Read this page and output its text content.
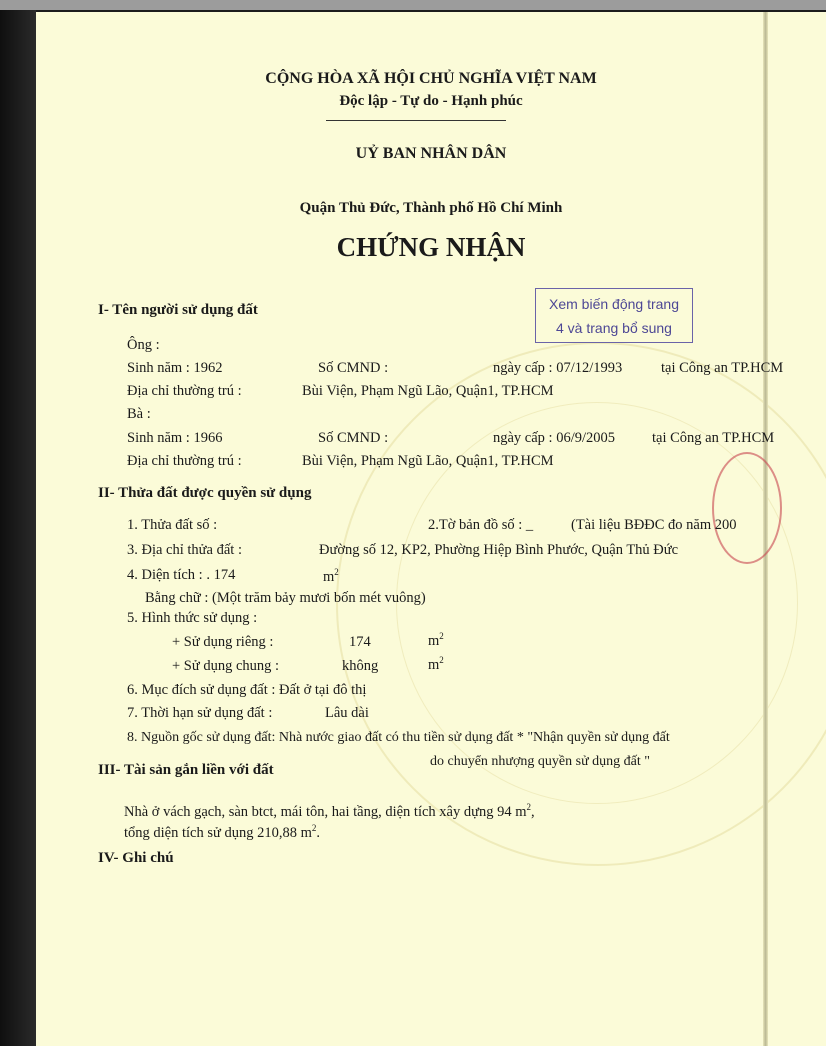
CỘNG HÒA XÃ HỘI CHỦ NGHĨA VIỆT NAM
Độc lập - Tự do - Hạnh phúc
UỶ BAN NHÂN DÂN
Quận Thủ Đức, Thành phố Hồ Chí Minh
CHỨNG NHẬN
Xem biến động trang
4 và trang bổ sung
I- Tên người sử dụng đất
Ông :
Sinh năm : 1962	Số CMND :	ngày cấp : 07/12/1993	tại Công an TP.HCM
Địa chỉ thường trú :	Bùi Viện, Phạm Ngũ Lão, Quận1, TP.HCM
Bà :
Sinh năm : 1966	Số CMND :	ngày cấp : 06/9/2005	tại Công an TP.HCM
Địa chỉ thường trú :	Bùi Viện, Phạm Ngũ Lão, Quận1, TP.HCM
II- Thửa đất được quyền sử dụng
1. Thửa đất số :	2.Tờ bản đồ số : _	(Tài liệu BĐĐC đo năm 200
3. Địa chỉ thửa đất :	Đường số 12, KP2, Phường Hiệp Bình Phước, Quận Thủ Đức
4. Diện tích : . 174	$m^2$
Bằng chữ : (Một trăm bảy mươi bốn mét vuông)
5. Hình thức sử dụng :
+ Sử dụng riêng :	174	$m^2$
+ Sử dụng chung :	không	$m^2$
6. Mục đích sử dụng đất : Đất ở tại đô thị
7. Thời hạn sử dụng đất :	Lâu dài
8. Nguồn gốc sử dụng đất: Nhà nước giao đất có thu tiền sử dụng đất * "Nhận quyền sử dụng đất
do chuyển nhượng quyền sử dụng đất "
III- Tài sản gắn liền với đất
Nhà ở vách gạch, sàn btct, mái tôn, hai tầng, diện tích xây dựng 94 $m^2$,
tổng diện tích sử dụng 210,88 $m^2$.
IV- Ghi chú
